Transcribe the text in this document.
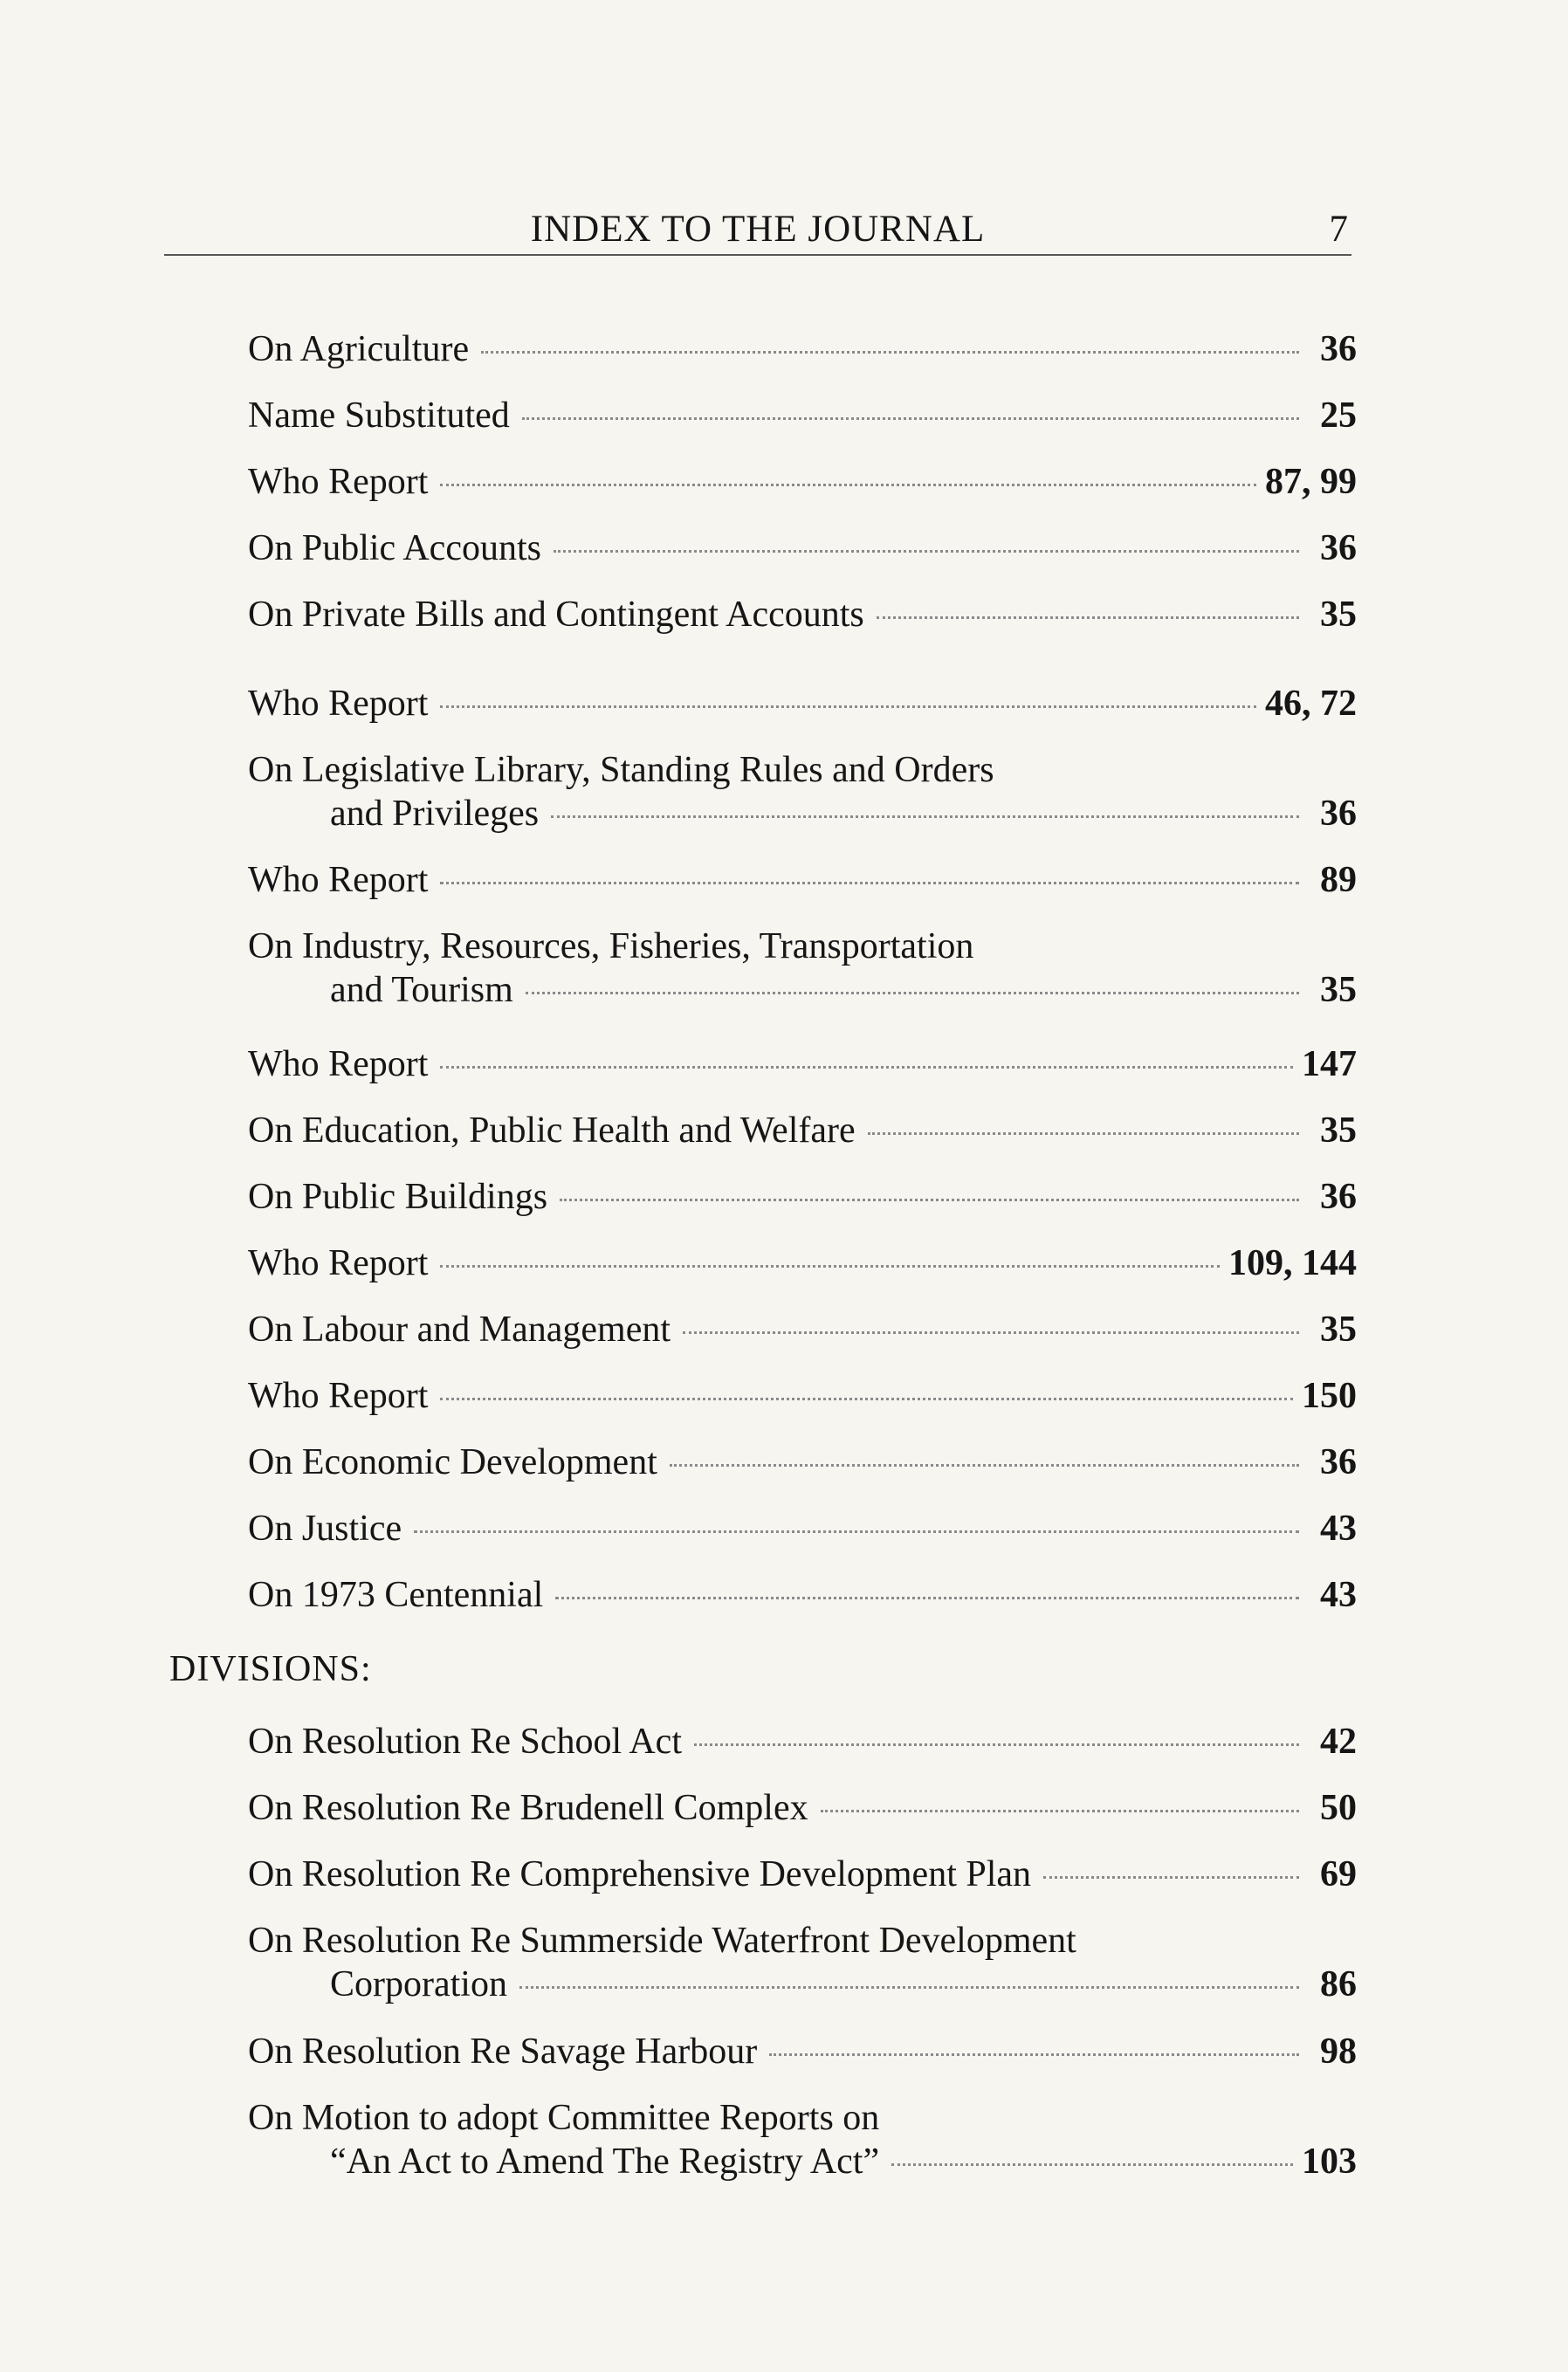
INDEX TO THE JOURNAL	7
On Agriculture	36
Name Substituted	25
Who Report	87, 99
On Public Accounts	36
On Private Bills and Contingent Accounts	35
Who Report	46, 72
On Legislative Library, Standing Rules and Orders
and Privileges	36
Who Report	89
On Industry, Resources, Fisheries, Transportation
and Tourism	35
Who Report	147
On Education, Public Health and Welfare	35
On Public Buildings	36
Who Report	109, 144
On Labour and Management	35
Who Report	150
On Economic Development	36
On Justice	43
On 1973 Centennial	43
DIVISIONS:
On Resolution Re School Act	42
On Resolution Re Brudenell Complex	50
On Resolution Re Comprehensive Development Plan	69
On Resolution Re Summerside Waterfront Development
Corporation	86
On Resolution Re Savage Harbour	98
On Motion to adopt Committee Reports on
“An Act to Amend The Registry Act”	103
